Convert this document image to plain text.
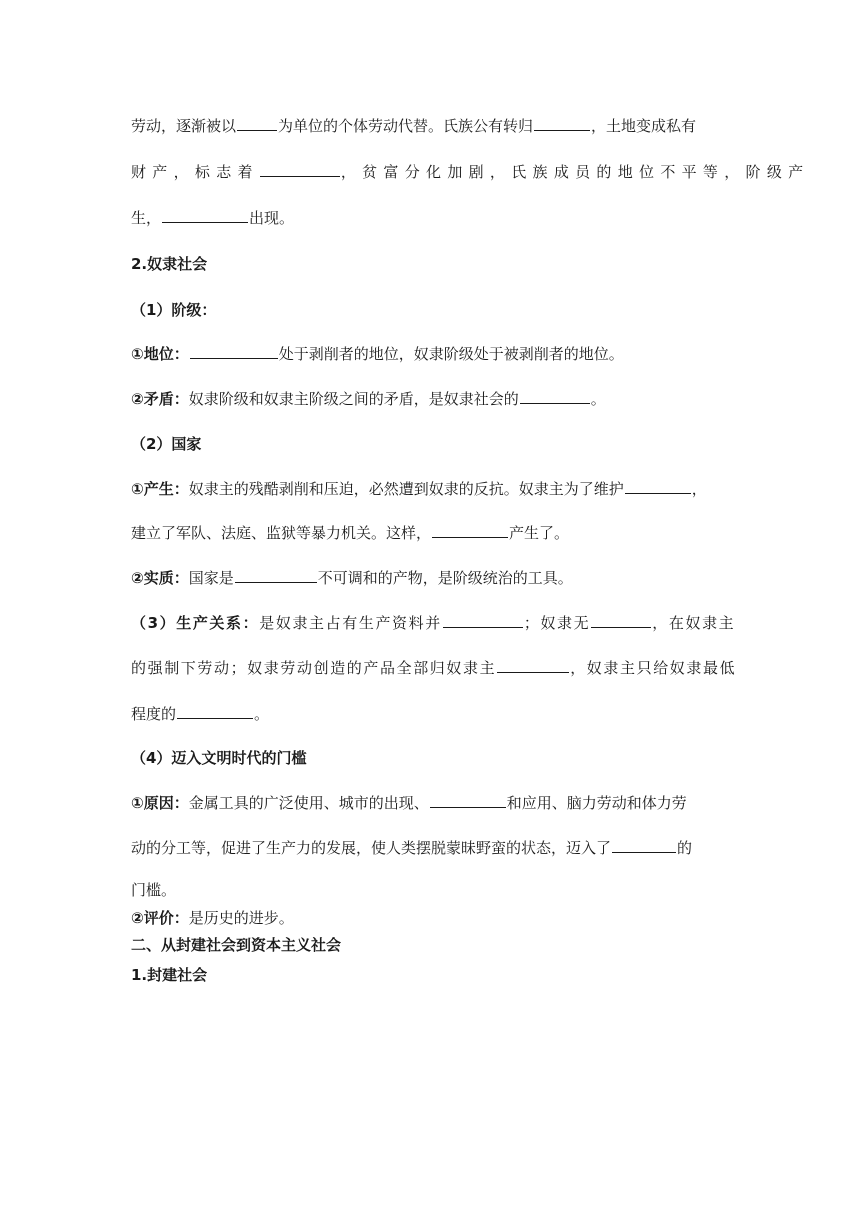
劳动，逐渐被以	为单位的个体劳动代替。氏族公有转归	，土地变成私有
财产，标志着	，贫富分化加剧，氏族成员的地位不平等，阶级产
生，	出现。
2.奴隶社会
（1）阶级：
①地位：	处于剥削者的地位，奴隶阶级处于被剥削者的地位。
②矛盾：奴隶阶级和奴隶主阶级之间的矛盾，是奴隶社会的	。
（2）国家
①产生：奴隶主的残酷剥削和压迫，必然遭到奴隶的反抗。奴隶主为了维护	，
建立了军队、法庭、监狱等暴力机关。这样，	产生了。
②实质：国家是	不可调和的产物，是阶级统治的工具。
（3）生产关系：是奴隶主占有生产资料并	；奴隶无	，在奴隶主
的强制下劳动；奴隶劳动创造的产品全部归奴隶主	，奴隶主只给奴隶最低
程度的	。
（4）迈入文明时代的门槛
①原因：金属工具的广泛使用、城市的出现、	和应用、脑力劳动和体力劳
动的分工等，促进了生产力的发展，使人类摆脱蒙昧野蛮的状态，迈入了	的
门槛。
②评价：是历史的进步。
二、从封建社会到资本主义社会
1.封建社会
